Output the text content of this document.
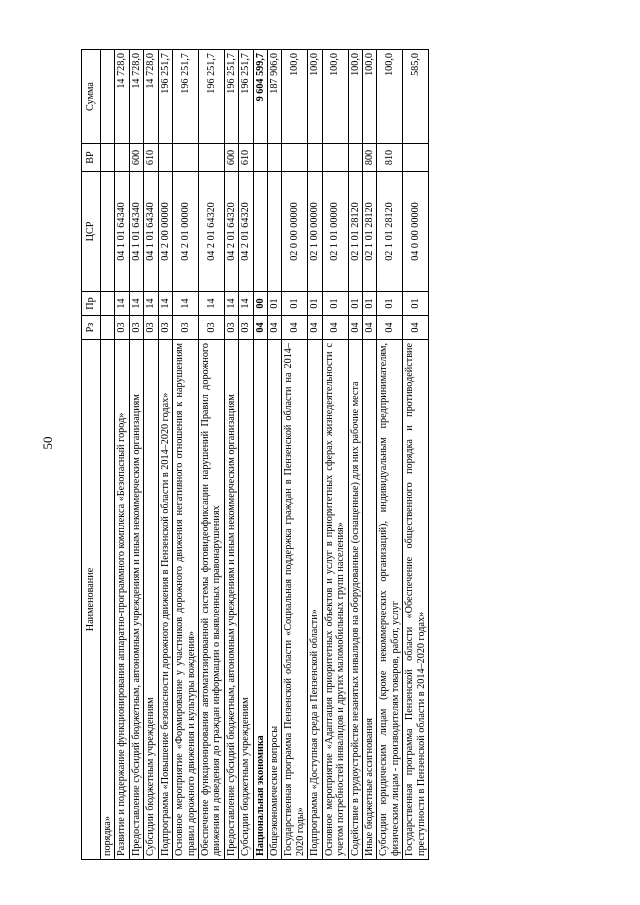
50
Наименование	Рз	Пр	ЦСР	ВР	Сумма
порядка»					
Развитие и поддержание функционирования аппаратно-программного комплекса «Безопасный город»	03	14	04 1 01 64340		14 728,0
Предоставление субсидий бюджетным, автономным учреждениям и иным некоммерческим организациям	03	14	04 1 01 64340	600	14 728,0
Субсидии бюджетным учреждениям	03	14	04 1 01 64340	610	14 728,0
Подпрограмма «Повышение безопасности дорожного движения в Пензенской области в 2014–2020 годах»	03	14	04 2 00 00000		196 251,7
Основное мероприятие «Формирование у участников дорожного движения негативного отношения к нарушениям правил дорожного движения и культуры вождения»	03	14	04 2 01 00000		196 251,7
Обеспечение функционирования автоматизированной системы фотовидеофиксации нарушений Правил дорожного движения и доведения до граждан информации о выявленных правонарушениях	03	14	04 2 01 64320		196 251,7
Предоставление субсидий бюджетным, автономным учреждениям и иным некоммерческим организациям	03	14	04 2 01 64320	600	196 251,7
Субсидии бюджетным учреждениям	03	14	04 2 01 64320	610	196 251,7
Национальная экономика	04	00			9 604 599,7
Общеэкономические вопросы	04	01			187 906,0
Государственная программа Пензенской области «Социальная поддержка граждан в Пензенской области на 2014–2020 годы»	04	01	02 0 00 00000		100,0
Подпрограмма «Доступная среда в Пензенской области»	04	01	02 1 00 00000		100,0
Основное мероприятие «Адаптация приоритетных объектов и услуг в приоритетных сферах жизнедеятельности с учетом потребностей инвалидов и других маломобильных групп населения»	04	01	02 1 01 00000		100,0
Содействие в трудоустройстве незанятых инвалидов на оборудованные (оснащенные) для них рабочие места	04	01	02 1 01 28120		100,0
Иные бюджетные ассигнования	04	01	02 1 01 28120	800	100,0
Субсидии юридическим лицам (кроме некоммерческих организаций), индивидуальным предпринимателям, физическим лицам - производителям товаров, работ, услуг	04	01	02 1 01 28120	810	100,0
Государственная программа Пензенской области «Обеспечение общественного порядка и противодействие преступности в Пензенской области в 2014–2020 годах»	04	01	04 0 00 00000		585,0
